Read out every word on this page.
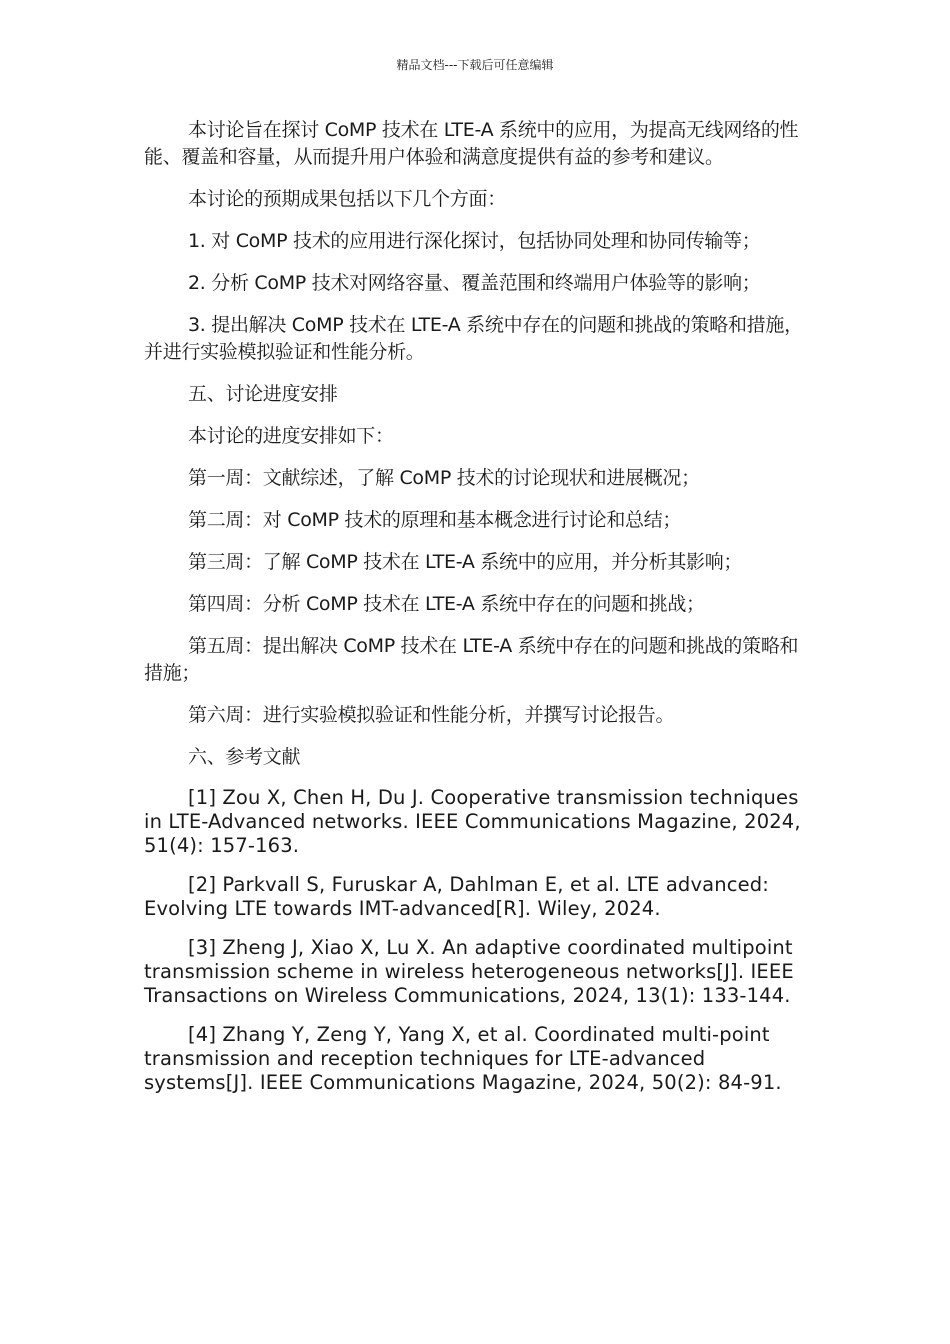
精品文档---下载后可任意编辑

本讨论旨在探讨 CoMP 技术在 LTE-A 系统中的应用，为提高无线网络的性能、覆盖和容量，从而提升用户体验和满意度提供有益的参考和建议。

本讨论的预期成果包括以下几个方面：

1. 对 CoMP 技术的应用进行深化探讨，包括协同处理和协同传输等；

2. 分析 CoMP 技术对网络容量、覆盖范围和终端用户体验等的影响；

3. 提出解决 CoMP 技术在 LTE-A 系统中存在的问题和挑战的策略和措施，并进行实验模拟验证和性能分析。

五、讨论进度安排

本讨论的进度安排如下：

第一周：文献综述，了解 CoMP 技术的讨论现状和进展概况；

第二周：对 CoMP 技术的原理和基本概念进行讨论和总结；

第三周：了解 CoMP 技术在 LTE-A 系统中的应用，并分析其影响；

第四周：分析 CoMP 技术在 LTE-A 系统中存在的问题和挑战；

第五周：提出解决 CoMP 技术在 LTE-A 系统中存在的问题和挑战的策略和措施；

第六周：进行实验模拟验证和性能分析，并撰写讨论报告。

六、参考文献

[1] Zou X, Chen H, Du J. Cooperative transmission techniques in LTE-Advanced networks. IEEE Communications Magazine, 2024, 51(4): 157-163.

[2] Parkvall S, Furuskar A, Dahlman E, et al. LTE advanced: Evolving LTE towards IMT-advanced[R]. Wiley, 2024.

[3] Zheng J, Xiao X, Lu X. An adaptive coordinated multipoint transmission scheme in wireless heterogeneous networks[J]. IEEE Transactions on Wireless Communications, 2024, 13(1): 133-144.

[4] Zhang Y, Zeng Y, Yang X, et al. Coordinated multi-point transmission and reception techniques for LTE-advanced systems[J]. IEEE Communications Magazine, 2024, 50(2): 84-91.
